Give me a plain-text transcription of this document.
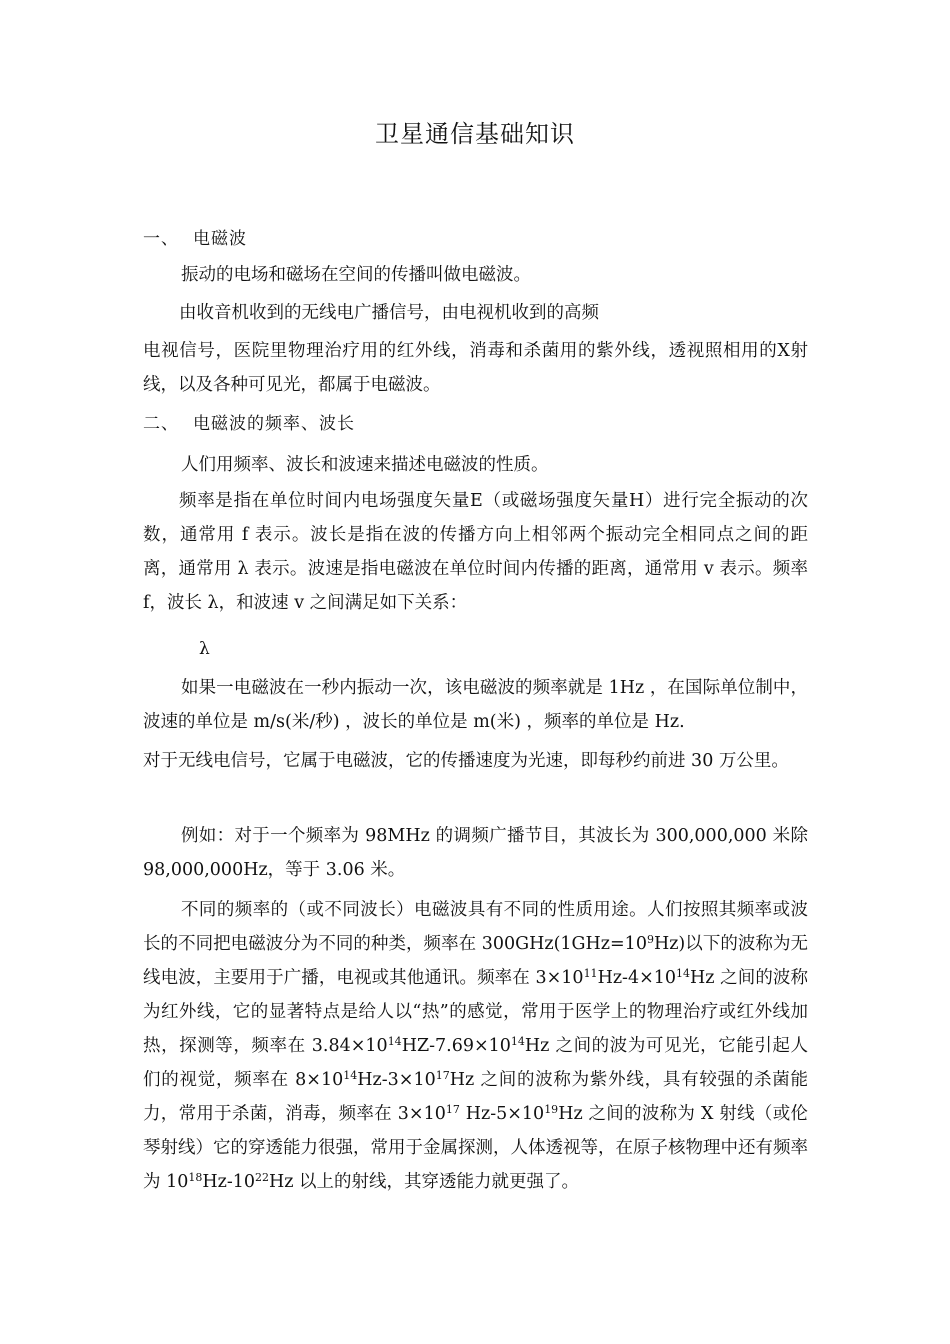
卫星通信基础知识
一、 电磁波
振动的电场和磁场在空间的传播叫做电磁波。
由收音机收到的无线电广播信号，由电视机收到的高频
电视信号，医院里物理治疗用的红外线，消毒和杀菌用的紫外线，透视照相用的X射线，以及各种可见光，都属于电磁波。
二、 电磁波的频率、波长
人们用频率、波长和波速来描述电磁波的性质。
频率是指在单位时间内电场强度矢量E（或磁场强度矢量H）进行完全振动的次数，通常用 f 表示。波长是指在波的传播方向上相邻两个振动完全相同点之间的距离，通常用 λ 表示。波速是指电磁波在单位时间内传播的距离，通常用 v 表示。频率 f，波长 λ，和波速 v 之间满足如下关系：
λ
如果一电磁波在一秒内振动一次，该电磁波的频率就是 1Hz ，在国际单位制中，波速的单位是 m/s(米/秒) ，波长的单位是 m(米) ，频率的单位是 Hz.
对于无线电信号，它属于电磁波，它的传播速度为光速，即每秒约前进 30 万公里。
例如：对于一个频率为 98MHz 的调频广播节目，其波长为 300,000,000 米除 98,000,000Hz，等于 3.06 米。
不同的频率的（或不同波长）电磁波具有不同的性质用途。人们按照其频率或波长的不同把电磁波分为不同的种类，频率在 $300GHz(1GHz=10^9Hz)$以下的波称为无线电波，主要用于广播，电视或其他通讯。频率在 $3\times 10^{11}Hz-4\times 10^{14}Hz$ 之间的波称为红外线，它的显著特点是给人以“热”的感觉，常用于医学上的物理治疗或红外线加热，探测等，频率在 $3.84\times 10^{14}HZ-7.69\times 10^{14}Hz$ 之间的波为可见光，它能引起人们的视觉，频率在 $8\times 10^{14}Hz-3\times 10^{17}Hz$ 之间的波称为紫外线，具有较强的杀菌能力，常用于杀菌，消毒，频率在 $3\times 10^{17}$ $Hz-5\times 10^{19}Hz$ 之间的波称为 X 射线（或伦琴射线）它的穿透能力很强，常用于金属探测，人体透视等，在原子核物理中还有频率为 $10^{18}Hz-10^{22}Hz$ 以上的射线，其穿透能力就更强了。
